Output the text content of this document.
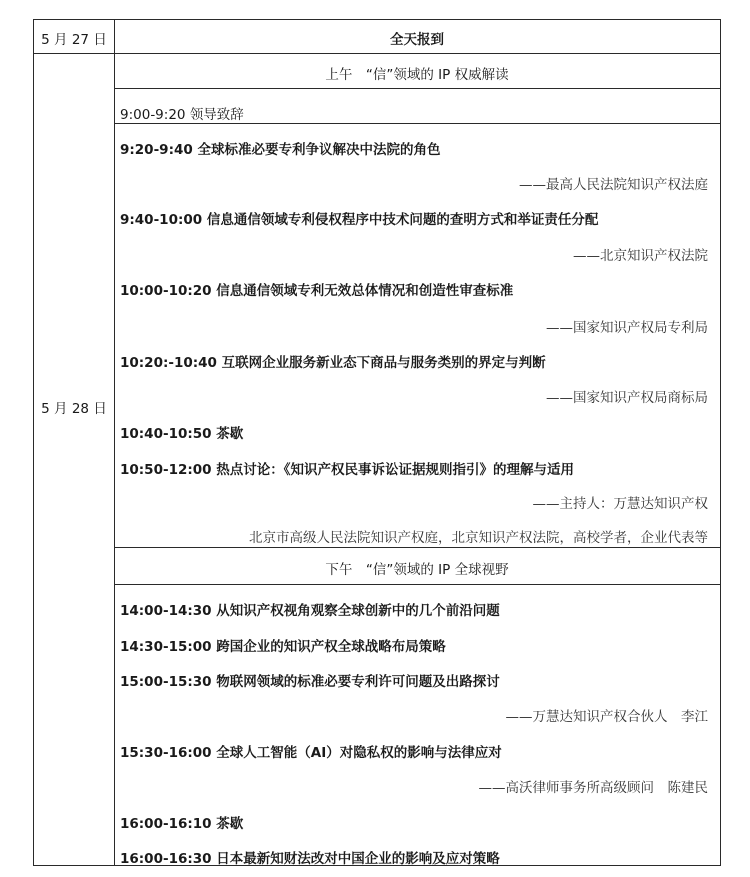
5 月 27 日	全天报到
5 月 28 日
上午　“信”领域的 IP 权威解读
9:00-9:20 领导致辞
9:20-9:40 全球标准必要专利争议解决中法院的角色
——最高人民法院知识产权法庭
9:40-10:00 信息通信领域专利侵权程序中技术问题的查明方式和举证责任分配
——北京知识产权法院
10:00-10:20 信息通信领域专利无效总体情况和创造性审查标准
——国家知识产权局专利局
10:20:-10:40 互联网企业服务新业态下商品与服务类别的界定与判断
——国家知识产权局商标局
10:40-10:50 茶歇
10:50-12:00 热点讨论：《知识产权民事诉讼证据规则指引》的理解与适用
——主持人：万慧达知识产权
北京市高级人民法院知识产权庭，北京知识产权法院，高校学者，企业代表等
下午　“信”领域的 IP 全球视野
14:00-14:30 从知识产权视角观察全球创新中的几个前沿问题
14:30-15:00 跨国企业的知识产权全球战略布局策略
15:00-15:30 物联网领域的标准必要专利许可问题及出路探讨
——万慧达知识产权合伙人　李江
15:30-16:00 全球人工智能（AI）对隐私权的影响与法律应对
——高沃律师事务所高级顾问　陈建民
16:00-16:10 茶歇
16:00-16:30 日本最新知财法改对中国企业的影响及应对策略
